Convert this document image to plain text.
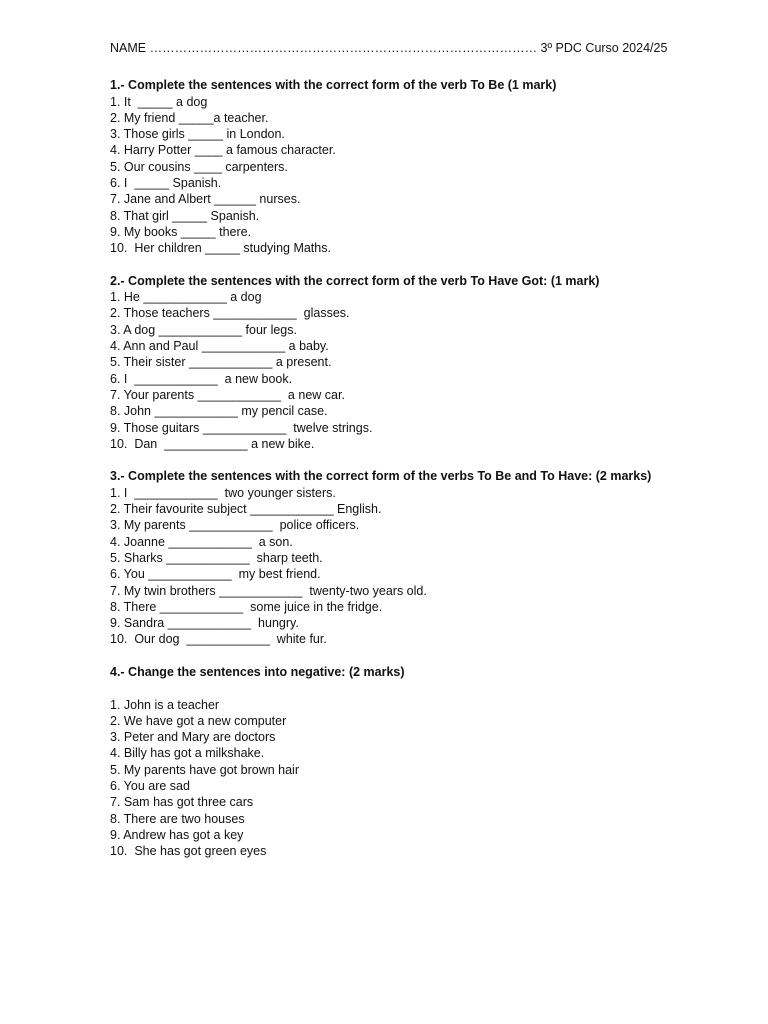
NAME ………………………………………………………………………………… 3º PDC Curso 2024/25
1.- Complete the sentences with the correct form of the verb To Be (1 mark)
1. It  _____ a dog
2. My friend _____a teacher.
3. Those girls _____ in London.
4. Harry Potter ____ a famous character.
5. Our cousins ____ carpenters.
6. I  _____ Spanish.
7. Jane and Albert ______ nurses.
8. That girl _____ Spanish.
9. My books _____ there.
10.  Her children _____ studying Maths.
2.- Complete the sentences with the correct form of the verb To Have Got: (1 mark)
1. He ____________ a dog
2. Those teachers ____________  glasses.
3. A dog ____________ four legs.
4. Ann and Paul ____________ a baby.
5. Their sister ____________ a present.
6. I  ____________  a new book.
7. Your parents ____________  a new car.
8. John ____________ my pencil case.
9. Those guitars ____________  twelve strings.
10.  Dan  ____________ a new bike.
3.- Complete the sentences with the correct form of the verbs To Be and To Have: (2 marks)
1. I  ____________  two younger sisters.
2. Their favourite subject ____________ English.
3. My parents ____________  police officers.
4. Joanne ____________  a son.
5. Sharks ____________  sharp teeth.
6. You ____________  my best friend.
7. My twin brothers ____________  twenty-two years old.
8. There ____________  some juice in the fridge.
9. Sandra ____________  hungry.
10.  Our dog  ____________  white fur.
4.- Change the sentences into negative: (2 marks)
1. John is a teacher
2. We have got a new computer
3. Peter and Mary are doctors
4. Billy has got a milkshake.
5. My parents have got brown hair
6. You are sad
7. Sam has got three cars
8. There are two houses
9. Andrew has got a key
10.  She has got green eyes
